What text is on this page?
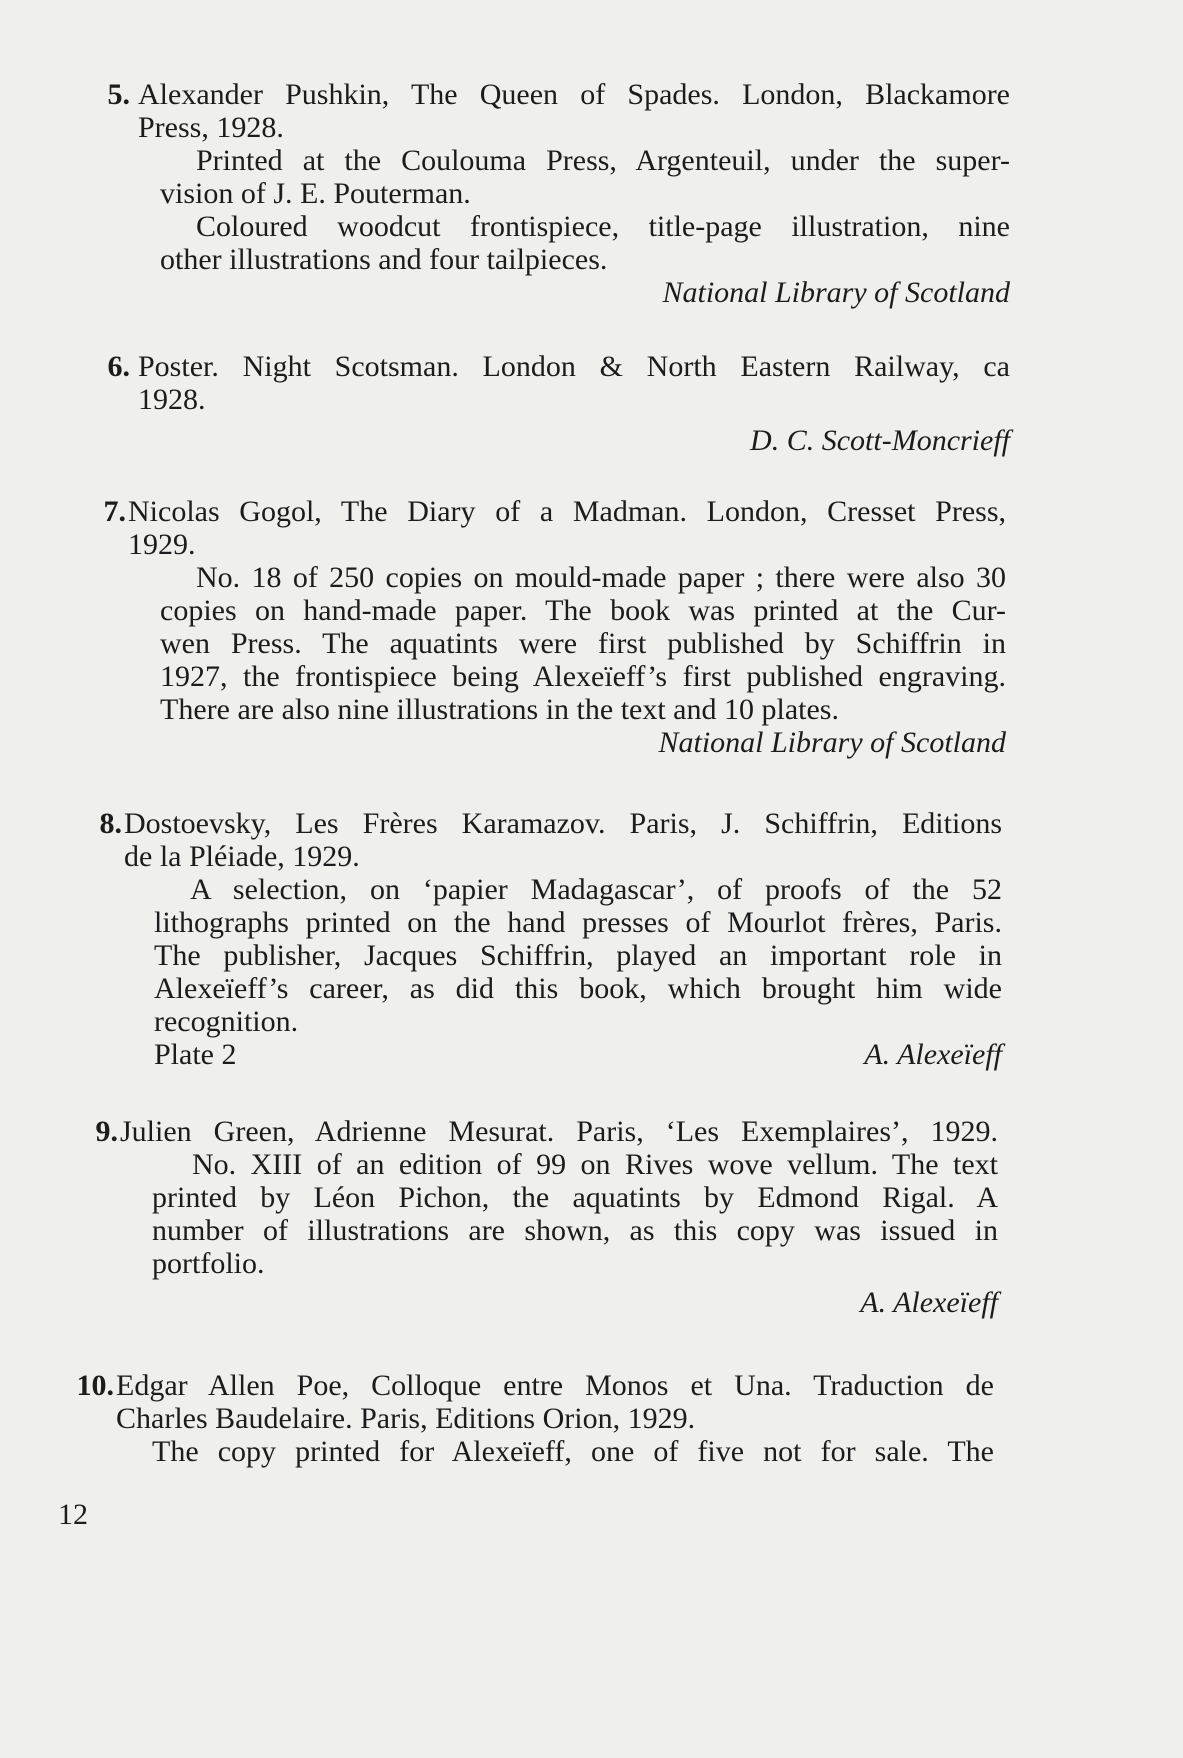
5. Alexander Pushkin, The Queen of Spades. London, Blackamore
Press, 1928.
Printed at the Coulouma Press, Argenteuil, under the super-
vision of J. E. Pouterman.
Coloured woodcut frontispiece, title-page illustration, nine
other illustrations and four tailpieces.
National Library of Scotland
6. Poster. Night Scotsman. London & North Eastern Railway, ca
1928.
D. C. Scott-Moncrieff
7. Nicolas Gogol, The Diary of a Madman. London, Cresset Press,
1929.
No. 18 of 250 copies on mould-made paper ; there were also 30
copies on hand-made paper. The book was printed at the Cur-
wen Press. The aquatints were first published by Schiffrin in
1927, the frontispiece being Alexeïeff’s first published engraving.
There are also nine illustrations in the text and 10 plates.
National Library of Scotland
8. Dostoevsky, Les Frères Karamazov. Paris, J. Schiffrin, Editions
de la Pléiade, 1929.
A selection, on ‘papier Madagascar’, of proofs of the 52
lithographs printed on the hand presses of Mourlot frères, Paris.
The publisher, Jacques Schiffrin, played an important role in
Alexeïeff’s career, as did this book, which brought him wide
recognition.
Plate 2	A. Alexeïeff
9. Julien Green, Adrienne Mesurat. Paris, ‘Les Exemplaires’, 1929.
No. XIII of an edition of 99 on Rives wove vellum. The text
printed by Léon Pichon, the aquatints by Edmond Rigal. A
number of illustrations are shown, as this copy was issued in
portfolio.
A. Alexeïeff
10. Edgar Allen Poe, Colloque entre Monos et Una. Traduction de
Charles Baudelaire. Paris, Editions Orion, 1929.
The copy printed for Alexeïeff, one of five not for sale. The
12
